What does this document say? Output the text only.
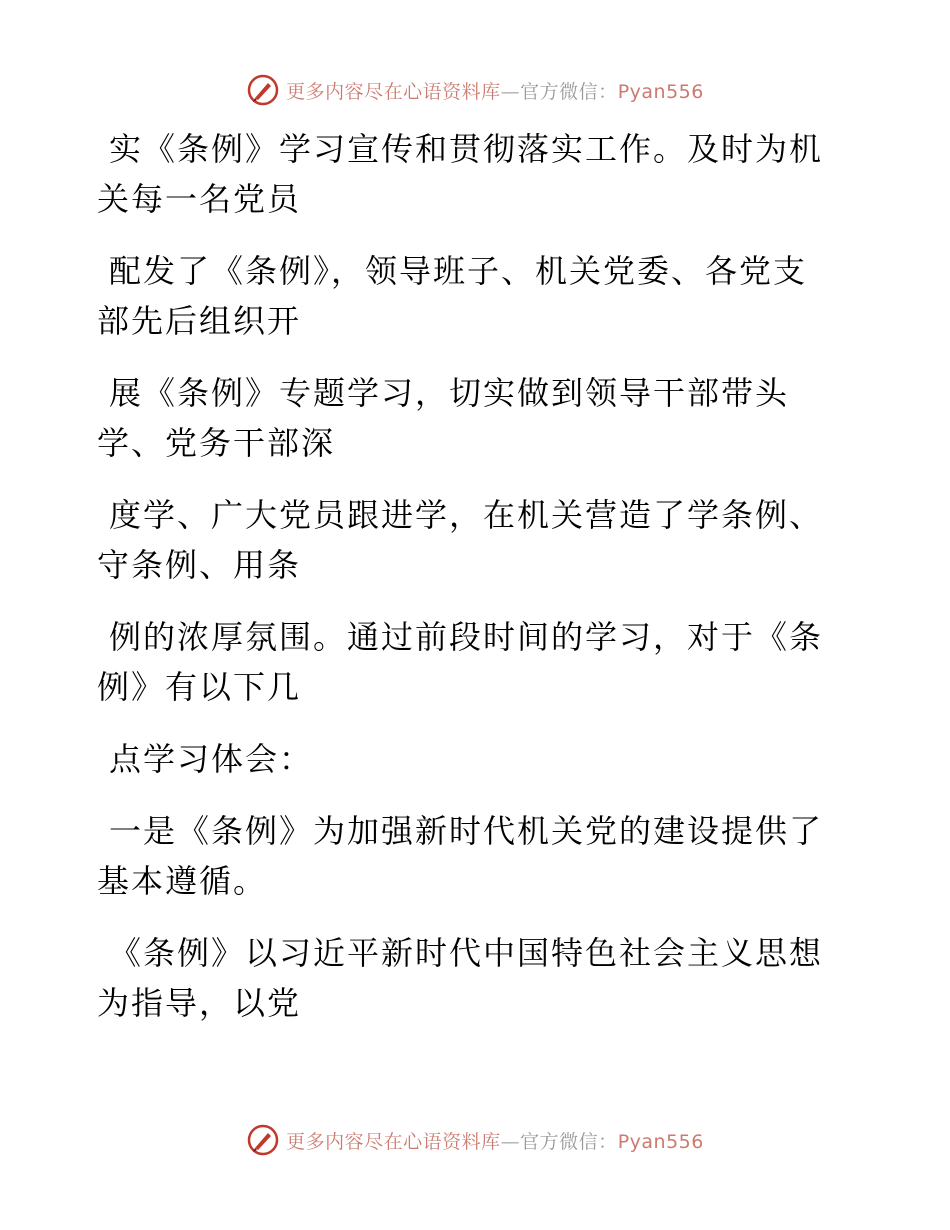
更多内容尽在心语资料库—官方微信：Pyan556

实《条例》学习宣传和贯彻落实工作。及时为机
关每一名党员

配发了《条例》，领导班子、机关党委、各党支
部先后组织开

展《条例》专题学习，切实做到领导干部带头
学、党务干部深

度学、广大党员跟进学，在机关营造了学条例、
守条例、用条

例的浓厚氛围。通过前段时间的学习，对于《条
例》有以下几

点学习体会：

一是《条例》为加强新时代机关党的建设提供了
基本遵循。

《条例》以习近平新时代中国特色社会主义思想
为指导，以党

更多内容尽在心语资料库—官方微信：Pyan556
